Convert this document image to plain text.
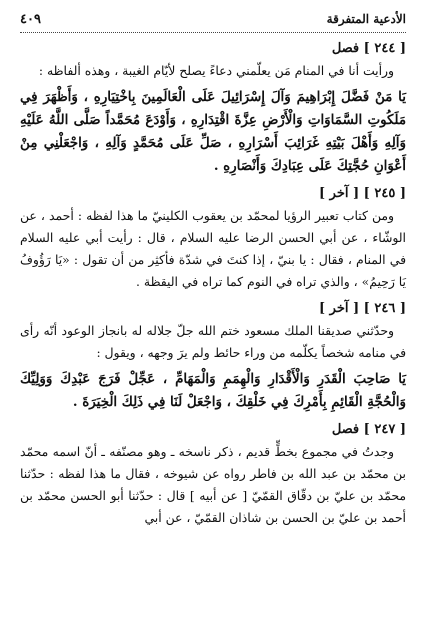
الأدعية المتفرقة
٤٠٩
[ ٢٤٤ ] فصل

ورأيت أنا في المنام مَن يعلّمني دعاءً يصلح لأيّام الغيبة ، وهذه ألفاظه :

يَا مَنْ فَضَّلَ إِبْرَاهِيمَ وَآلَ إِسْرَائِيلَ عَلَى الْعَالَمِينَ بِاخْتِيَارِهِ ، وَأَظْهَرَ فِي مَلَكُوتِ السَّمَاوَاتِ وَالْأَرْضِ عِزَّةَ اقْتِدَارِهِ ، وَأَوْدَعَ مُحَمَّداً صَلَّى اللَّهُ عَلَيْهِ وَآلِهِ وَأَهْلَ بَيْتِهِ غَرَائِبَ أَسْرَارِهِ ، صَلِّ عَلَى مُحَمَّدٍ وَآلِهِ ، وَاجْعَلْنِي مِنْ أَعْوَانِ حُجَّتِكَ عَلَى عِبَادِكَ وَأَنْصَارِهِ .

[ ٢٤٥ ] [ آخر ]

ومن كتاب تعبير الرؤيا لمحمّد بن يعقوب الكلينيّ ما هذا لفظه : أحمد ، عن الوشّاء ، عن أبي الحسن الرضا عليه السلام ، قال : رأيت أبي عليه السلام في المنام ، فقال : يا بنيّ ، إذا كنتَ في شدّة فأكثِر من أن تقول : «يَا رَؤُوفُ يَا رَحِيمُ» ، والذي تراه في النوم كما تراه في اليقظة .

[ ٢٤٦ ] [ آخر ]

وحدّثني صديقنا الملك مسعود ختم الله جلّ جلاله له بانجاز الوعود أنّه رأى في منامه شخصاً يكلّمه من وراء حائط ولم يرَ وجهه ، ويقول :

يَا صَاحِبَ الْقَدَرِ وَالْأَقْدَارِ وَالْهِمَمِ وَالْمَهَامِّ ، عَجِّلْ فَرَجَ عَبْدِكَ وَوَلِيِّكَ وَالْحُجَّةِ الْقَائِمِ بِأَمْرِكَ فِي خَلْقِكَ ، وَاجْعَلْ لَنَا فِي ذَلِكَ الْخِيَرَةَ .

[ ٢٤٧ ] فصل

وجدتُ في مجموع بخطٍّ قديم ، ذكر ناسخه ـ وهو مصنّفه ـ أنّ اسمه محمّد بن محمّد بن عبد الله بن فاطر رواه عن شيوخه ، فقال ما هذا لفظه : حدّثنا محمّد بن عليّ بن دقّاق القمّيّ [ عن أبيه ] قال : حدّثنا أبو الحسن محمّد بن أحمد بن عليّ بن الحسن بن شاذان القمّيّ ، عن أبي
